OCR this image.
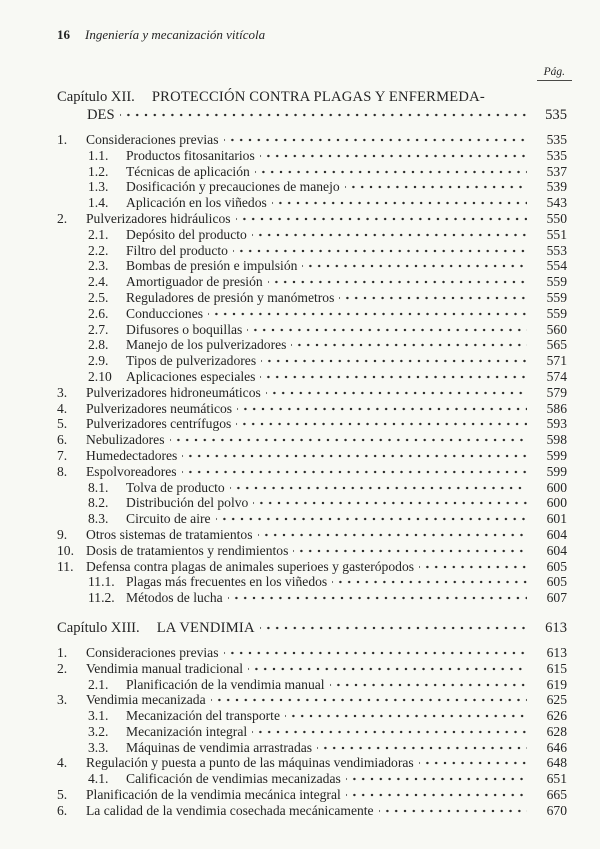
16 Ingeniería y mecanización vitícola
Pág.
Capítulo XII. PROTECCIÓN CONTRA PLAGAS Y ENFERMEDA-
DES	535
1.	Consideraciones previas	535
1.1.	Productos fitosanitarios	535
1.2.	Técnicas de aplicación	537
1.3.	Dosificación y precauciones de manejo	539
1.4.	Aplicación en los viñedos	543
2.	Pulverizadores hidráulicos	550
2.1.	Depósito del producto	551
2.2.	Filtro del producto	553
2.3.	Bombas de presión e impulsión	554
2.4.	Amortiguador de presión	559
2.5.	Reguladores de presión y manómetros	559
2.6.	Conducciones	559
2.7.	Difusores o boquillas	560
2.8.	Manejo de los pulverizadores	565
2.9.	Tipos de pulverizadores	571
2.10	Aplicaciones especiales	574
3.	Pulverizadores hidroneumáticos	579
4.	Pulverizadores neumáticos	586
5.	Pulverizadores centrífugos	593
6.	Nebulizadores	598
7.	Humedectadores	599
8.	Espolvoreadores	599
8.1.	Tolva de producto	600
8.2.	Distribución del polvo	600
8.3.	Circuito de aire	601
9.	Otros sistemas de tratamientos	604
10. Dosis de tratamientos y rendimientos	604
11. Defensa contra plagas de animales superioes y gasterópodos	605
11.1. Plagas más frecuentes en los viñedos	605
11.2. Métodos de lucha	607
Capítulo XIII. LA VENDIMIA	613
1.	Consideraciones previas	613
2.	Vendimia manual tradicional	615
2.1.	Planificación de la vendimia manual	619
3.	Vendimia mecanizada	625
3.1.	Mecanización del transporte	626
3.2.	Mecanización integral	628
3.3.	Máquinas de vendimia arrastradas	646
4.	Regulación y puesta a punto de las máquinas vendimiadoras	648
4.1.	Calificación de vendimias mecanizadas	651
5.	Planificación de la vendimia mecánica integral	665
6.	La calidad de la vendimia cosechada mecánicamente	670
